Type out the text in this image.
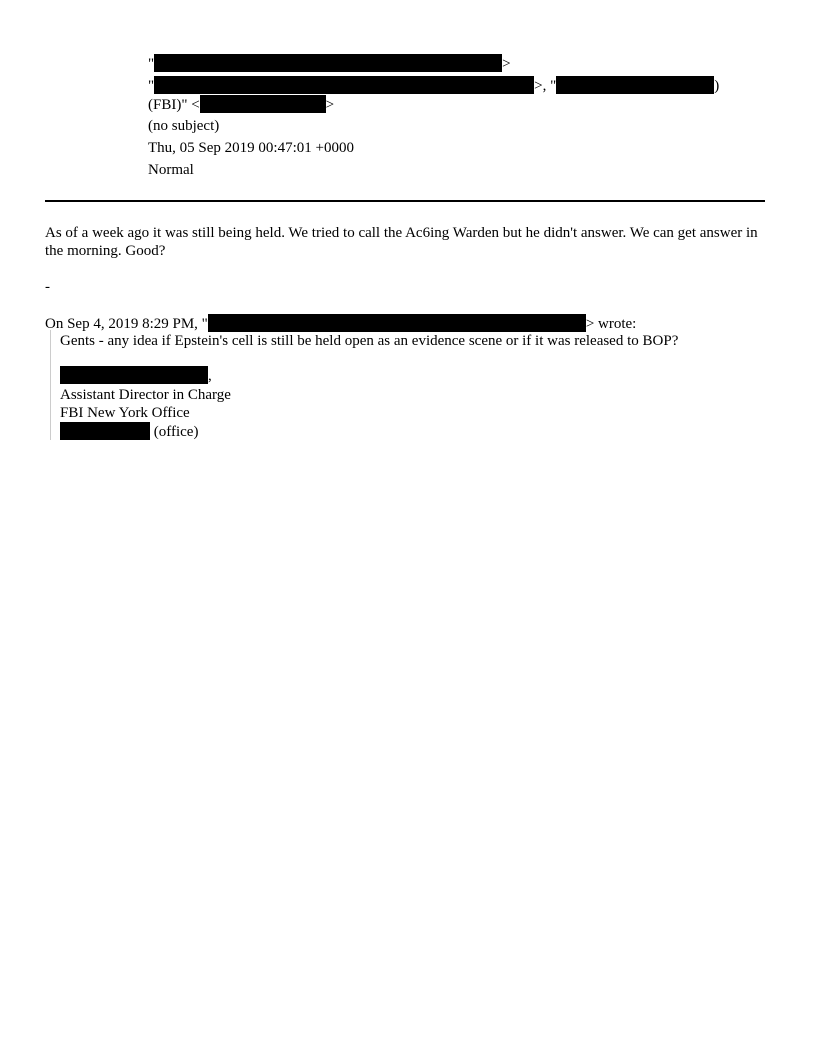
"	>
"	>, "	)
(FBI)" <	>
(no subject)
Thu, 05 Sep 2019 00:47:01 +0000
Normal
As of a week ago it was still being held. We tried to call the Ac6ing Warden but he didn't answer. We can get answer in the morning. Good?
-
On Sep 4, 2019 8:29 PM, "	> wrote:
Gents - any idea if Epstein's cell is still be held open as an evidence scene or if it was released to BOP?
,
Assistant Director in Charge
FBI New York Office
(office)
